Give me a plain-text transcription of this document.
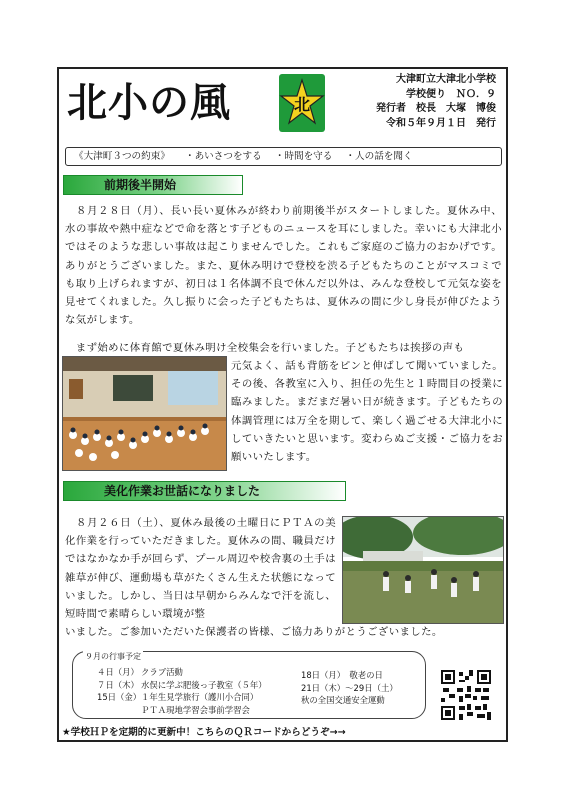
北小の風	北
大津町立大津北小学校
学校便り　ＮＯ．９
発行者　校長　大塚　博俊
令和５年９月１日　発行
《大津町３つの約束》 ・あいさつをする ・時間を守る ・人の話を聞く
前期後半開始
　８月２８日（月）、長い長い夏休みが終わり前期後半がスタートしました。夏休み中、水の事故や熱中症などで命を落とす子どものニュースを耳にしました。幸いにも大津北小ではそのような悲しい事故は起こりませんでした。これもご家庭のご協力のおかげです。ありがとうございました。また、夏休み明けで登校を渋る子どもたちのことがマスコミでも取り上げられますが、初日は１名体調不良で休んだ以外は、みんな登校して元気な姿を見せてくれました。久し振りに会った子どもたちは、夏休みの間に少し身長が伸びたような気がします。
　まず始めに体育館で夏休み明け全校集会を行いました。子どもたちは挨拶の声も
元気よく、話も背筋をピンと伸ばして聞いていました。その後、各教室に入り、担任の先生と１時間目の授業に臨みました。まだまだ暑い日が続きます。子どもたちの体調管理には万全を期して、楽しく過ごせる大津北小にしていきたいと思います。変わらぬご支援・ご協力をお願いいたします。
美化作業お世話になりました
　８月２６日（土）、夏休み最後の土曜日にＰＴＡの美化作業を行っていただきました。夏休みの間、職員だけではなかなか手が回らず、プール周辺や校舎裏の土手は雑草が伸び、運動場も草がたくさん生えた状態になっていました。しかし、当日は早朝からみんなで汗を流し、短時間で素晴らしい環境が整
いました。ご参加いただいた保護者の皆様、ご協力ありがとうございました。
９月の行事予定
４日（月） クラブ活動
７日（木） 水俣に学ぶ肥後っ子教室（５年）
15日（金）１年生見学旅行（護川小合同）
ＰＴＡ現地学習会事前学習会
18日（月）　敬老の日
21日（木）～29日（土）
秋の全国交通安全運動
★学校ＨＰを定期的に更新中！こちらのＱＲコードからどうぞ→→
